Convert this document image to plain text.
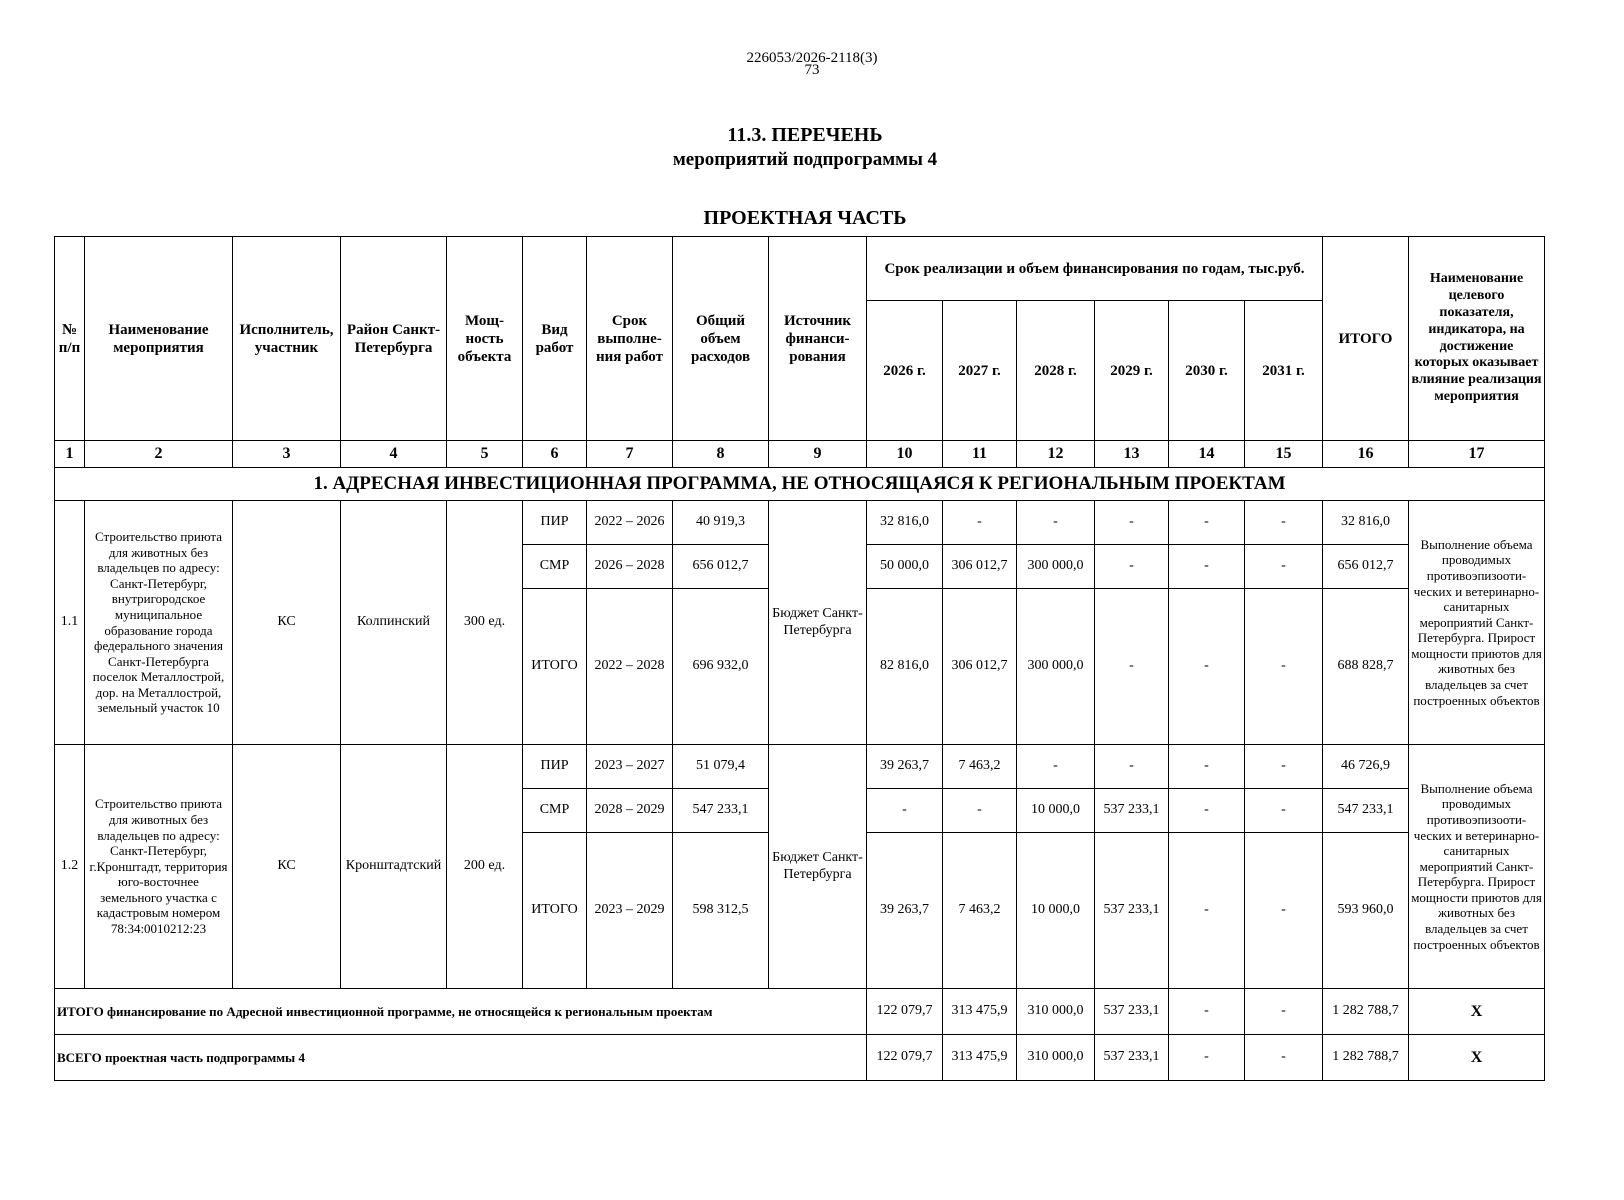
226053/2026-2118(3)
73
11.3. ПЕРЕЧЕНЬ
мероприятий подпрограммы 4
ПРОЕКТНАЯ ЧАСТЬ
№ п/п	Наименование мероприятия	Исполнитель, участник	Район Санкт-Петербурга	Мощ-ность объекта	Вид работ	Срок выполне-ния работ	Общий объем расходов	Источник финанси-рования	Срок реализации и объем финансирования по годам, тыс.руб.						ИТОГО	Наименование целевого показателя, индикатора, на достижение которых оказывает влияние реализация мероприятия
									2026 г.	2027 г.	2028 г.	2029 г.	2030 г.	2031 г.		
1	2	3	4	5	6	7	8	9	10	11	12	13	14	15	16	17
1. АДРЕСНАЯ ИНВЕСТИЦИОННАЯ ПРОГРАММА, НЕ ОТНОСЯЩАЯСЯ К РЕГИОНАЛЬНЫМ ПРОЕКТАМ																
1.1	Строительство приюта для животных без владельцев по адресу: Санкт-Петербург, внутригородское муниципальное образование города федерального значения Санкт-Петербурга поселок Металлострой, дор. на Металлострой, земельный участок 10	КС	Колпинский	300 ед.	ПИР	2022 – 2026	40 919,3	Бюджет Санкт-Петербурга	32 816,0	-	-	-	-	-	32 816,0	Выполнение объема проводимых противоэпизооти-ческих и ветеринарно-санитарных мероприятий Санкт-Петербурга. Прирост мощности приютов для животных без владельцев за счет построенных объектов
					СМР	2026 – 2028	656 012,7		50 000,0	306 012,7	300 000,0	-	-	-	656 012,7	
					ИТОГО	2022 – 2028	696 932,0		82 816,0	306 012,7	300 000,0	-	-	-	688 828,7	
1.2	Строительство приюта для животных без владельцев по адресу: Санкт-Петербург, г.Кронштадт, территория юго-восточнее земельного участка с кадастровым номером 78:34:0010212:23	КС	Кронштадтский	200 ед.	ПИР	2023 – 2027	51 079,4	Бюджет Санкт-Петербурга	39 263,7	7 463,2	-	-	-	-	46 726,9	Выполнение объема проводимых противоэпизооти-ческих и ветеринарно-санитарных мероприятий Санкт-Петербурга. Прирост мощности приютов для животных без владельцев за счет построенных объектов
					СМР	2028 – 2029	547 233,1		-	-	10 000,0	537 233,1	-	-	547 233,1	
					ИТОГО	2023 – 2029	598 312,5		39 263,7	7 463,2	10 000,0	537 233,1	-	-	593 960,0	
ИТОГО финансирование по Адресной инвестиционной программе, не относящейся к региональным проектам									122 079,7	313 475,9	310 000,0	537 233,1	-	-	1 282 788,7	X
ВСЕГО проектная часть подпрограммы 4									122 079,7	313 475,9	310 000,0	537 233,1	-	-	1 282 788,7	X
